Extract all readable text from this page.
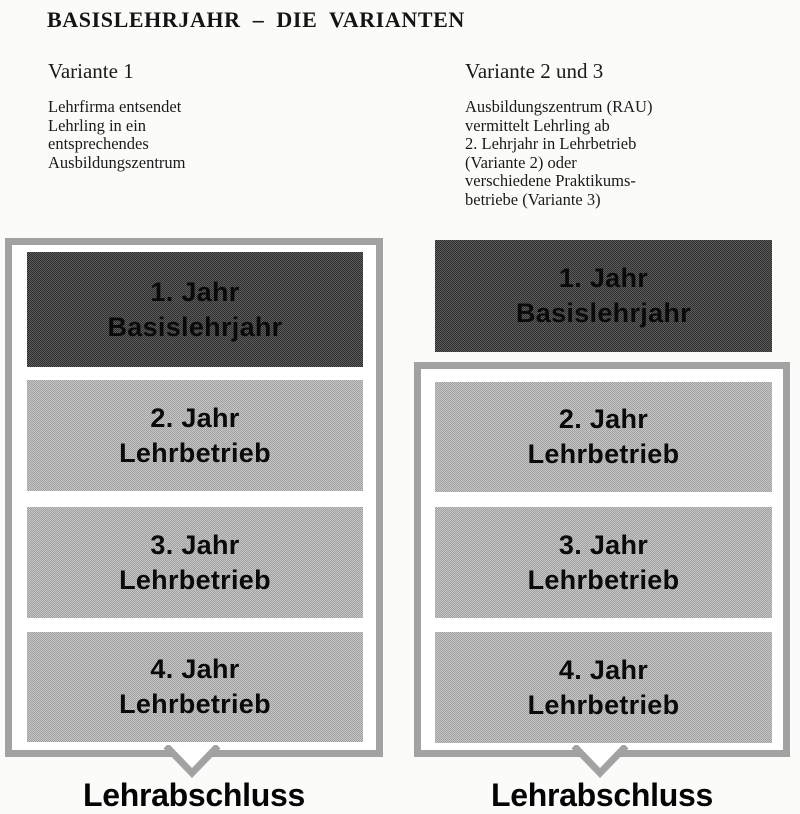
BASISLEHRJAHR – DIE VARIANTEN
Variante 1

Lehrfirma entsendet
Lehrling in ein
entsprechendes
Ausbildungszentrum

Variante 2 und 3

Ausbildungszentrum (RAU)
vermittelt Lehrling ab
2. Lehrjahr in Lehrbetrieb
(Variante 2) oder
verschiedene Praktikums-
betriebe (Variante 3)

1. Jahr
Basislehrjahr
2. Jahr
Lehrbetrieb
3. Jahr
Lehrbetrieb
4. Jahr
Lehrbetrieb

Lehrabschluss

1. Jahr
Basislehrjahr
2. Jahr
Lehrbetrieb
3. Jahr
Lehrbetrieb
4. Jahr
Lehrbetrieb

Lehrabschluss
